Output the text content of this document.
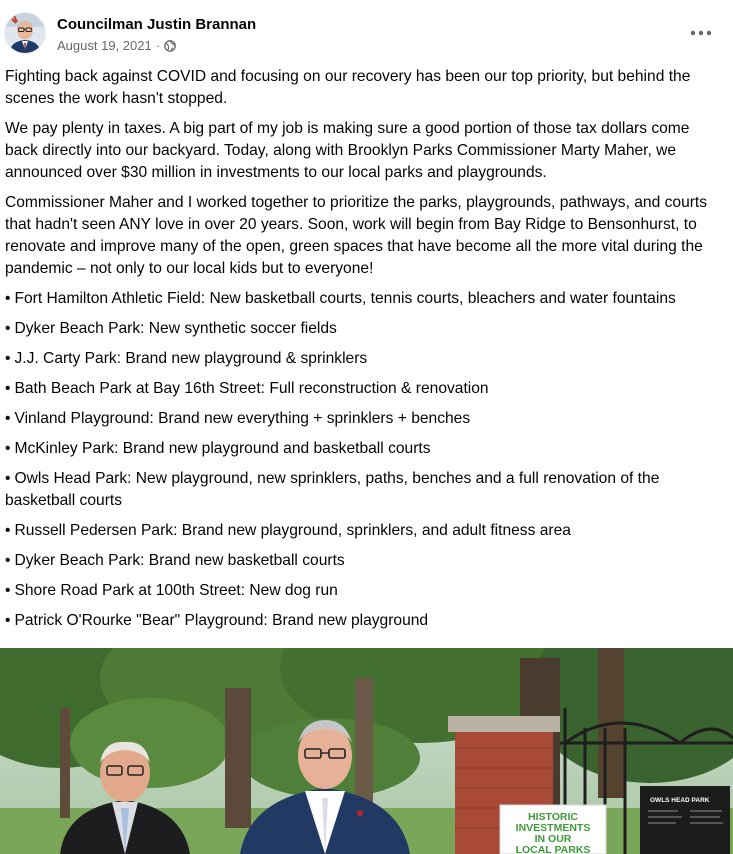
Councilman Justin Brannan
August 19, 2021 ·

Fighting back against COVID and focusing on our recovery has been our top priority, but behind the scenes the work hasn't stopped.

We pay plenty in taxes. A big part of my job is making sure a good portion of those tax dollars come back directly into our backyard. Today, along with Brooklyn Parks Commissioner Marty Maher, we announced over $30 million in investments to our local parks and playgrounds.

Commissioner Maher and I worked together to prioritize the parks, playgrounds, pathways, and courts that hadn't seen ANY love in over 20 years. Soon, work will begin from Bay Ridge to Bensonhurst, to renovate and improve many of the open, green spaces that have become all the more vital during the pandemic – not only to our local kids but to everyone!

• Fort Hamilton Athletic Field: New basketball courts, tennis courts, bleachers and water fountains
• Dyker Beach Park: New synthetic soccer fields
• J.J. Carty Park: Brand new playground & sprinklers
• Bath Beach Park at Bay 16th Street: Full reconstruction & renovation
• Vinland Playground: Brand new everything + sprinklers + benches
• McKinley Park: Brand new playground and basketball courts
• Owls Head Park: New playground, new sprinklers, paths, benches and a full renovation of the basketball courts
• Russell Pedersen Park: Brand new playground, sprinklers, and adult fitness area
• Dyker Beach Park: Brand new basketball courts
• Shore Road Park at 100th Street: New dog run
• Patrick O'Rourke "Bear" Playground: Brand new playground
OWLS HEAD PARK
HISTORIC
INVESTMENTS
IN OUR
LOCAL PARKS
